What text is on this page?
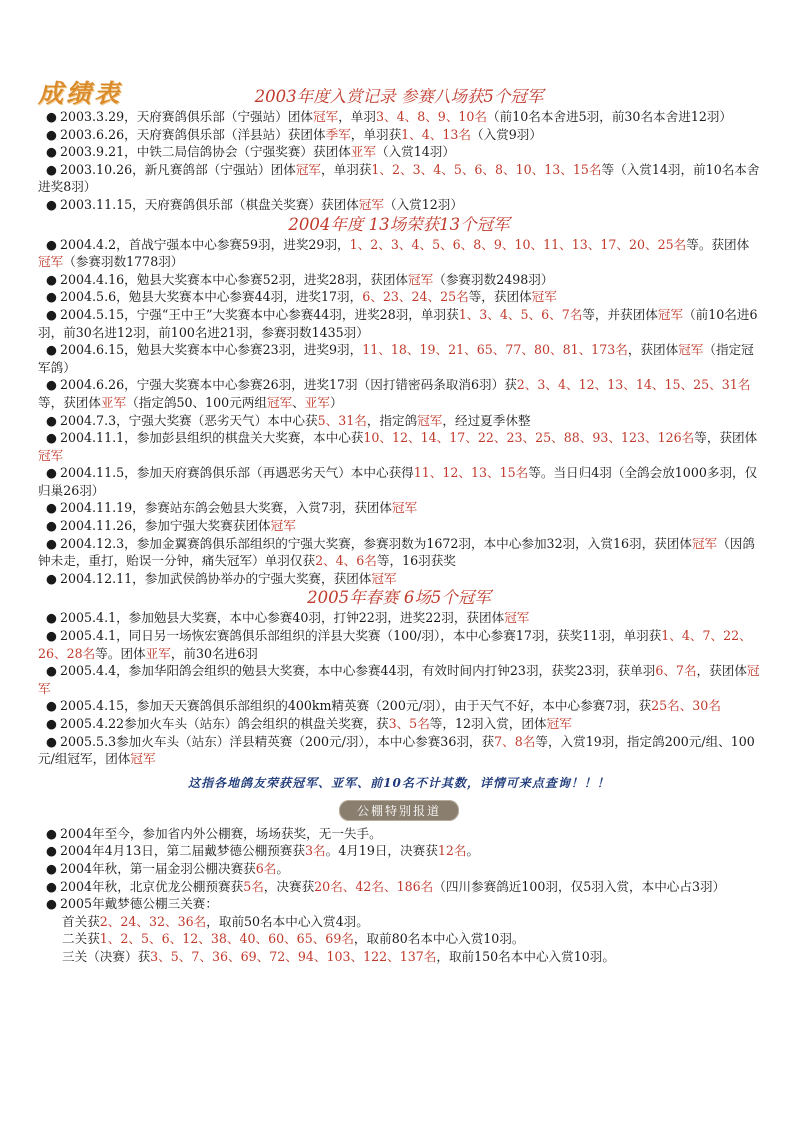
成绩表	2003年度入赏记录 参赛八场获5个冠军
● 2003.3.29，天府赛鸽俱乐部（宁强站）团体冠军，单羽3、4、8、9、10名（前10名本舍进5羽，前30名本舍进12羽）
● 2003.6.26，天府赛鸽俱乐部（洋县站）获团体季军，单羽获1、4、13名（入赏9羽）
● 2003.9.21，中铁二局信鸽协会（宁强奖赛）获团体亚军（入赏14羽）
● 2003.10.26，新凡赛鸽部（宁强站）团体冠军，单羽获1、2、3、4、5、6、8、10、13、15名等（入赏14羽，前10名本舍进奖8羽）
● 2003.11.15，天府赛鸽俱乐部（棋盘关奖赛）获团体冠军（入赏12羽）
2004年度 13场荣获13个冠军
● 2004.4.2，首战宁强本中心参赛59羽，进奖29羽，1、2、3、4、5、6、8、9、10、11、13、17、20、25名等。获团体冠军（参赛羽数1778羽）
● 2004.4.16，勉县大奖赛本中心参赛52羽，进奖28羽，获团体冠军（参赛羽数2498羽）
● 2004.5.6，勉县大奖赛本中心参赛44羽，进奖17羽，6、23、24、25名等，获团体冠军
● 2004.5.15，宁强“王中王”大奖赛本中心参赛44羽，进奖28羽，单羽获1、3、4、5、6、7名等，并获团体冠军（前10名进6羽，前30名进12羽，前100名进21羽，参赛羽数1435羽）
● 2004.6.15，勉县大奖赛本中心参赛23羽，进奖9羽，11、18、19、21、65、77、80、81、173名，获团体冠军（指定冠军鸽）
● 2004.6.26，宁强大奖赛本中心参赛26羽，进奖17羽（因打错密码条取消6羽）获2、3、4、12、13、14、15、25、31名等，获团体亚军（指定鸽50、100元两组冠军、亚军）
● 2004.7.3，宁强大奖赛（恶劣天气）本中心获5、31名，指定鸽冠军，经过夏季休整
● 2004.11.1，参加彭县组织的棋盘关大奖赛，本中心获10、12、14、17、22、23、25、88、93、123、126名等，获团体冠军
● 2004.11.5，参加天府赛鸽俱乐部（再遇恶劣天气）本中心获得11、12、13、15名等。当日归4羽（全鸽会放1000多羽，仅归巢26羽）
● 2004.11.19，参赛站东鸽会勉县大奖赛，入赏7羽，获团体冠军
● 2004.11.26，参加宁强大奖赛获团体冠军
● 2004.12.3，参加金翼赛鸽俱乐部组织的宁强大奖赛，参赛羽数为1672羽，本中心参加32羽，入赏16羽，获团体冠军（因鸽钟未走，重打，贻误一分钟，痛失冠军）单羽仅获2、4、6名等，16羽获奖
● 2004.12.11，参加武侯鸽协举办的宁强大奖赛，获团体冠军
2005年春赛 6场5个冠军
● 2005.4.1，参加勉县大奖赛，本中心参赛40羽，打钟22羽，进奖22羽，获团体冠军
● 2005.4.1，同日另一场恢宏赛鸽俱乐部组织的洋县大奖赛（100/羽），本中心参赛17羽，获奖11羽，单羽获1、4、7、22、26、28名等。团体亚军，前30名进6羽
● 2005.4.4，参加华阳鸽会组织的勉县大奖赛，本中心参赛44羽，有效时间内打钟23羽，获奖23羽，获单羽6、7名，获团体冠军
● 2005.4.15，参加天天赛鸽俱乐部组织的400km精英赛（200元/羽），由于天气不好，本中心参赛7羽，获25名、30名
● 2005.4.22参加火车头（站东）鸽会组织的棋盘关奖赛，获3、5名等，12羽入赏，团体冠军
● 2005.5.3参加火车头（站东）洋县精英赛（200元/羽），本中心参赛36羽，获7、8名等，入赏19羽，指定鸽200元/组、100元/组冠军，团体冠军
这指各地鸽友荣获冠军、亚军、前10名不计其数，详情可来点查询！！！
公棚特别报道
● 2004年至今，参加省内外公棚赛，场场获奖，无一失手。
● 2004年4月13日，第二届戴梦德公棚预赛获3名。4月19日，决赛获12名。
● 2004年秋，第一届金羽公棚决赛获6名。
● 2004年秋，北京优龙公棚预赛获5名，决赛获20名、42名、186名（四川参赛鸽近100羽，仅5羽入赏，本中心占3羽）
● 2005年戴梦德公棚三关赛：
首关获2、24、32、36名，取前50名本中心入赏4羽。
二关获1、2、5、6、12、38、40、60、65、69名，取前80名本中心入赏10羽。
三关（决赛）获3、5、7、36、69、72、94、103、122、137名，取前150名本中心入赏10羽。
